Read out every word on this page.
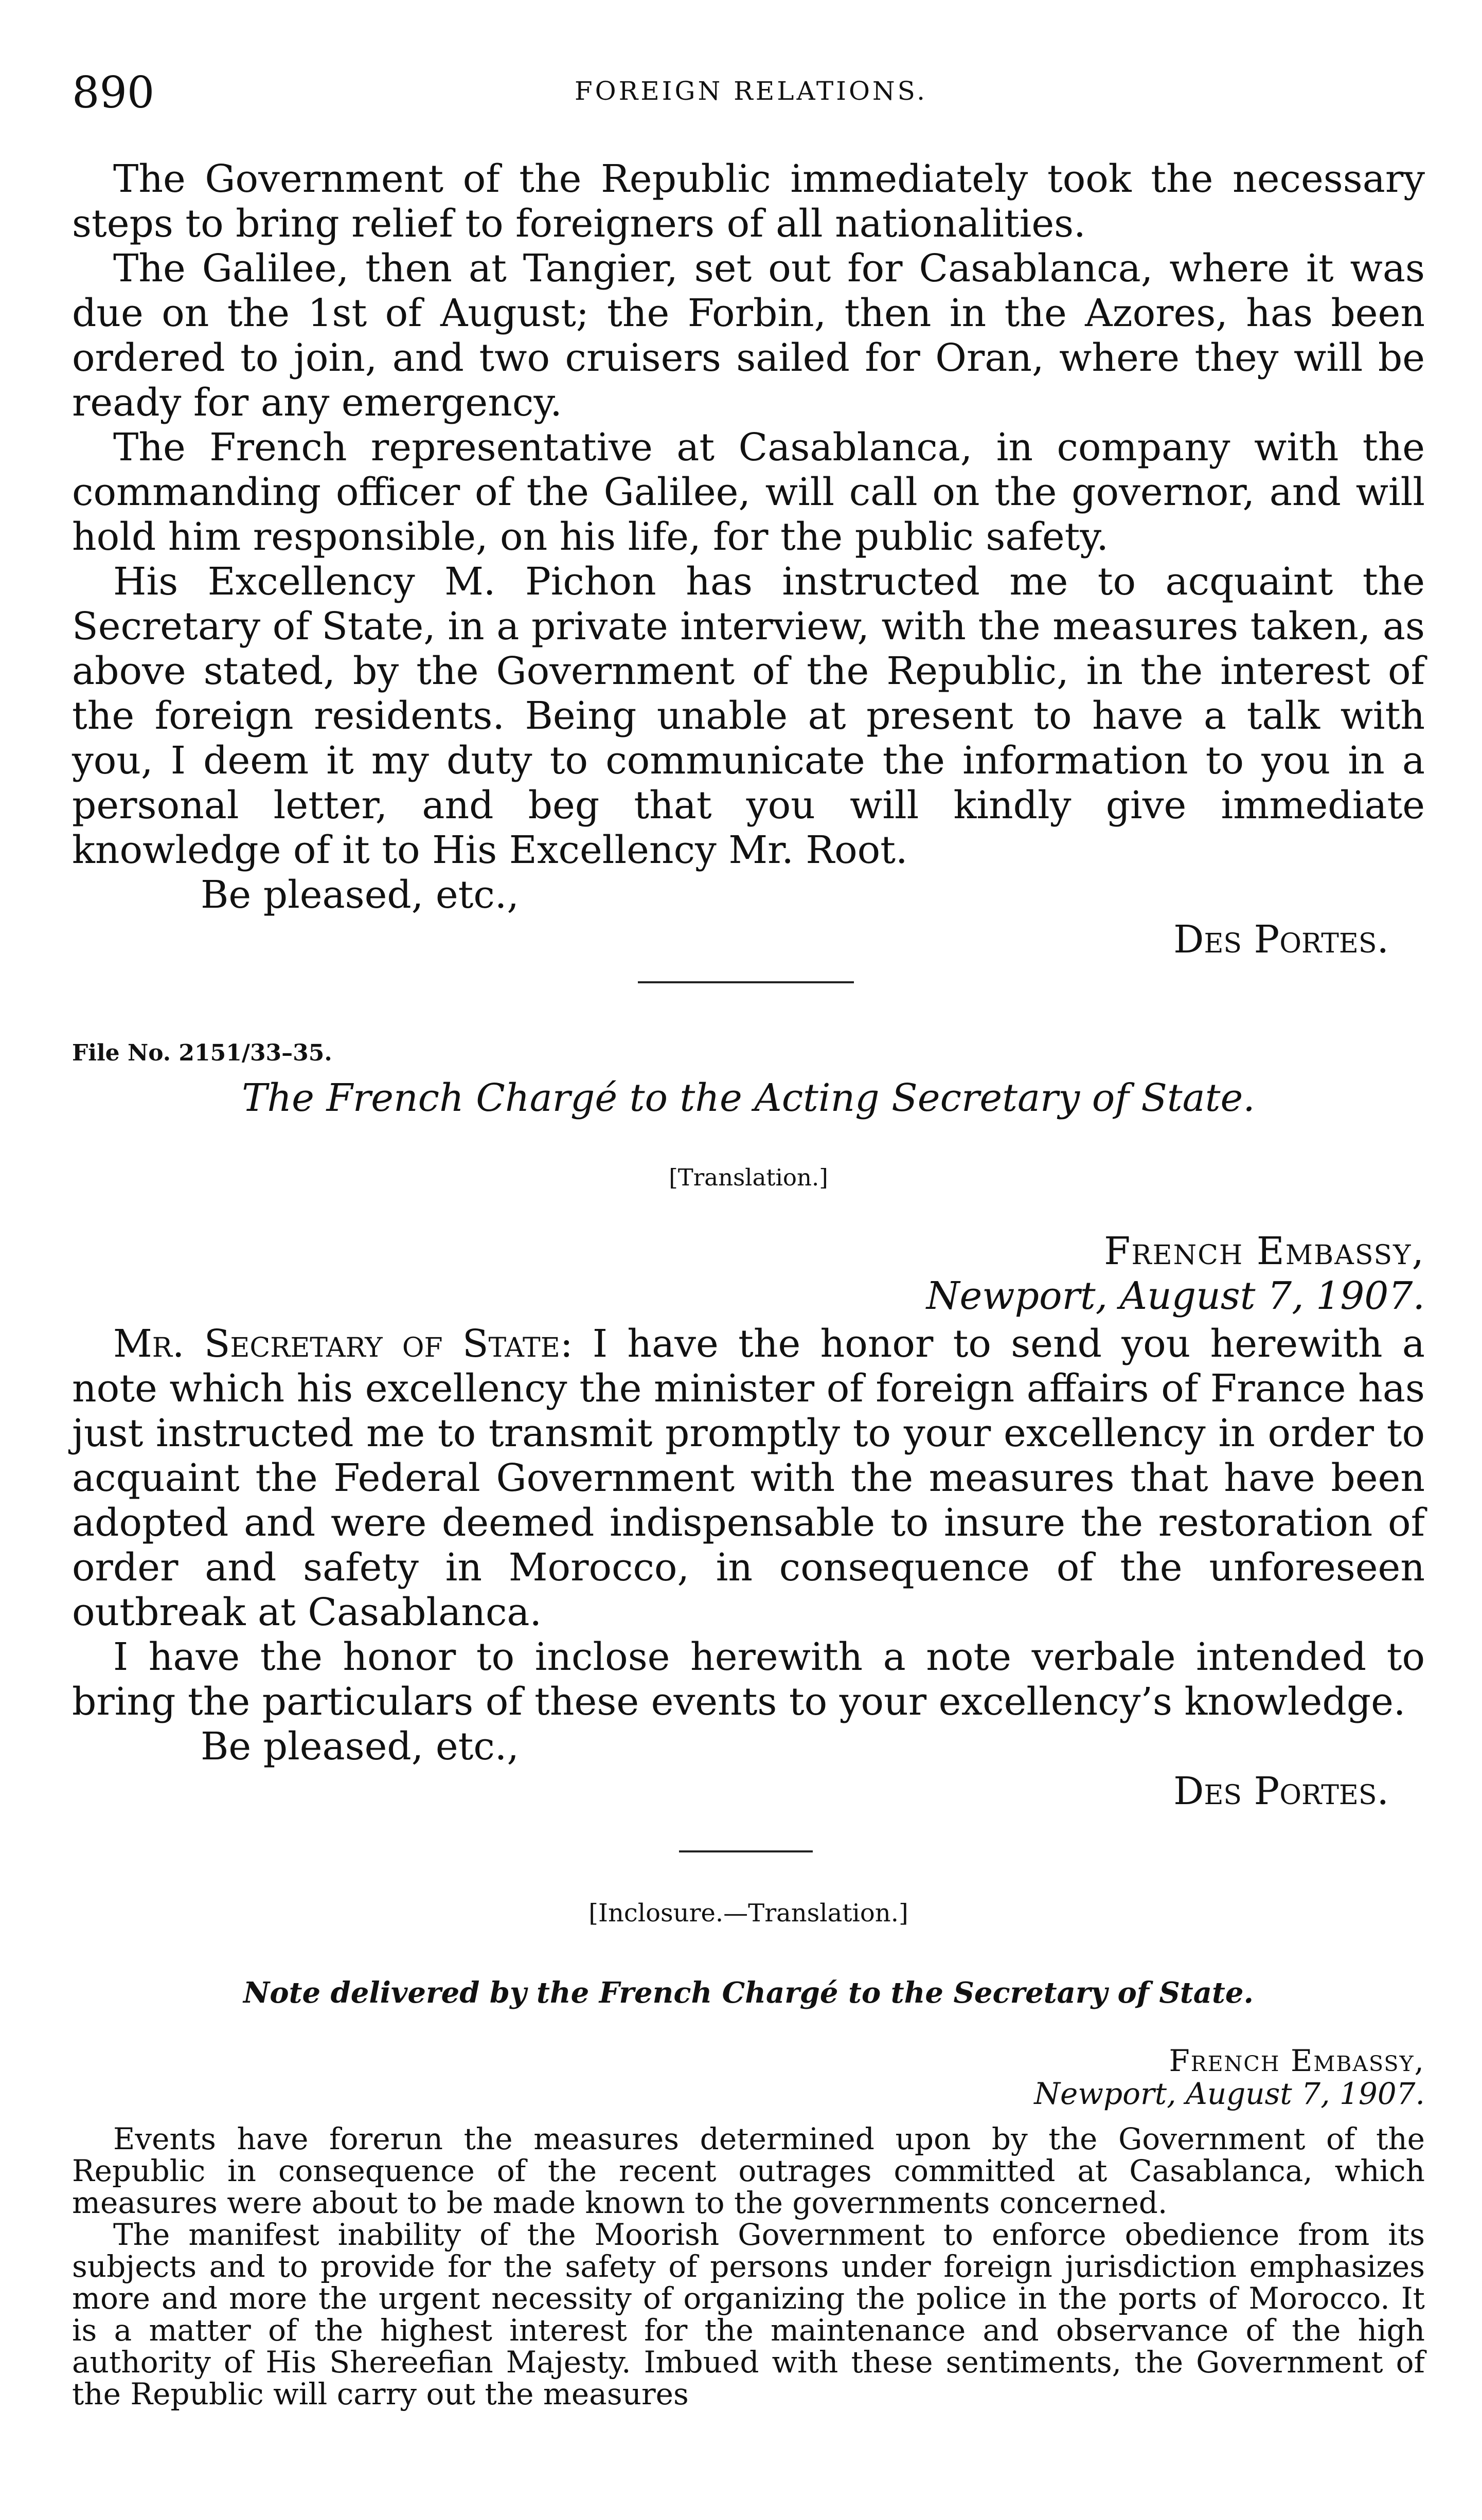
890	FOREIGN RELATIONS.

The Government of the Republic immediately took the necessary steps to bring relief to foreigners of all nationalities.

The Galilee, then at Tangier, set out for Casablanca, where it was due on the 1st of August; the Forbin, then in the Azores, has been ordered to join, and two cruisers sailed for Oran, where they will be ready for any emergency.

The French representative at Casablanca, in company with the commanding officer of the Galilee, will call on the governor, and will hold him responsible, on his life, for the public safety.

His Excellency M. Pichon has instructed me to acquaint the Secretary of State, in a private interview, with the measures taken, as above stated, by the Government of the Republic, in the interest of the foreign residents. Being unable at present to have a talk with you, I deem it my duty to communicate the information to you in a personal letter, and beg that you will kindly give immediate knowledge of it to His Excellency Mr. Root.

Be pleased, etc.,

Des Portes.

File No. 2151/33–35.
The French Chargé to the Acting Secretary of State.
[Translation.]
French Embassy,
Newport, August 7, 1907.

Mr. Secretary of State: I have the honor to send you herewith a note which his excellency the minister of foreign affairs of France has just instructed me to transmit promptly to your excellency in order to acquaint the Federal Government with the measures that have been adopted and were deemed indispensable to insure the restoration of order and safety in Morocco, in consequence of the unforeseen outbreak at Casablanca.

I have the honor to inclose herewith a note verbale intended to bring the particulars of these events to your excellency’s knowledge.

Be pleased, etc.,

Des Portes.

[Inclosure.—Translation.]
Note delivered by the French Chargé to the Secretary of State.
French Embassy,
Newport, August 7, 1907.

Events have forerun the measures determined upon by the Government of the Republic in consequence of the recent outrages committed at Casablanca, which measures were about to be made known to the governments concerned.

The manifest inability of the Moorish Government to enforce obedience from its subjects and to provide for the safety of persons under foreign jurisdiction emphasizes more and more the urgent necessity of organizing the police in the ports of Morocco. It is a matter of the highest interest for the maintenance and observance of the high authority of His Shereefian Majesty. Imbued with these sentiments, the Government of the Republic will carry out the measures
